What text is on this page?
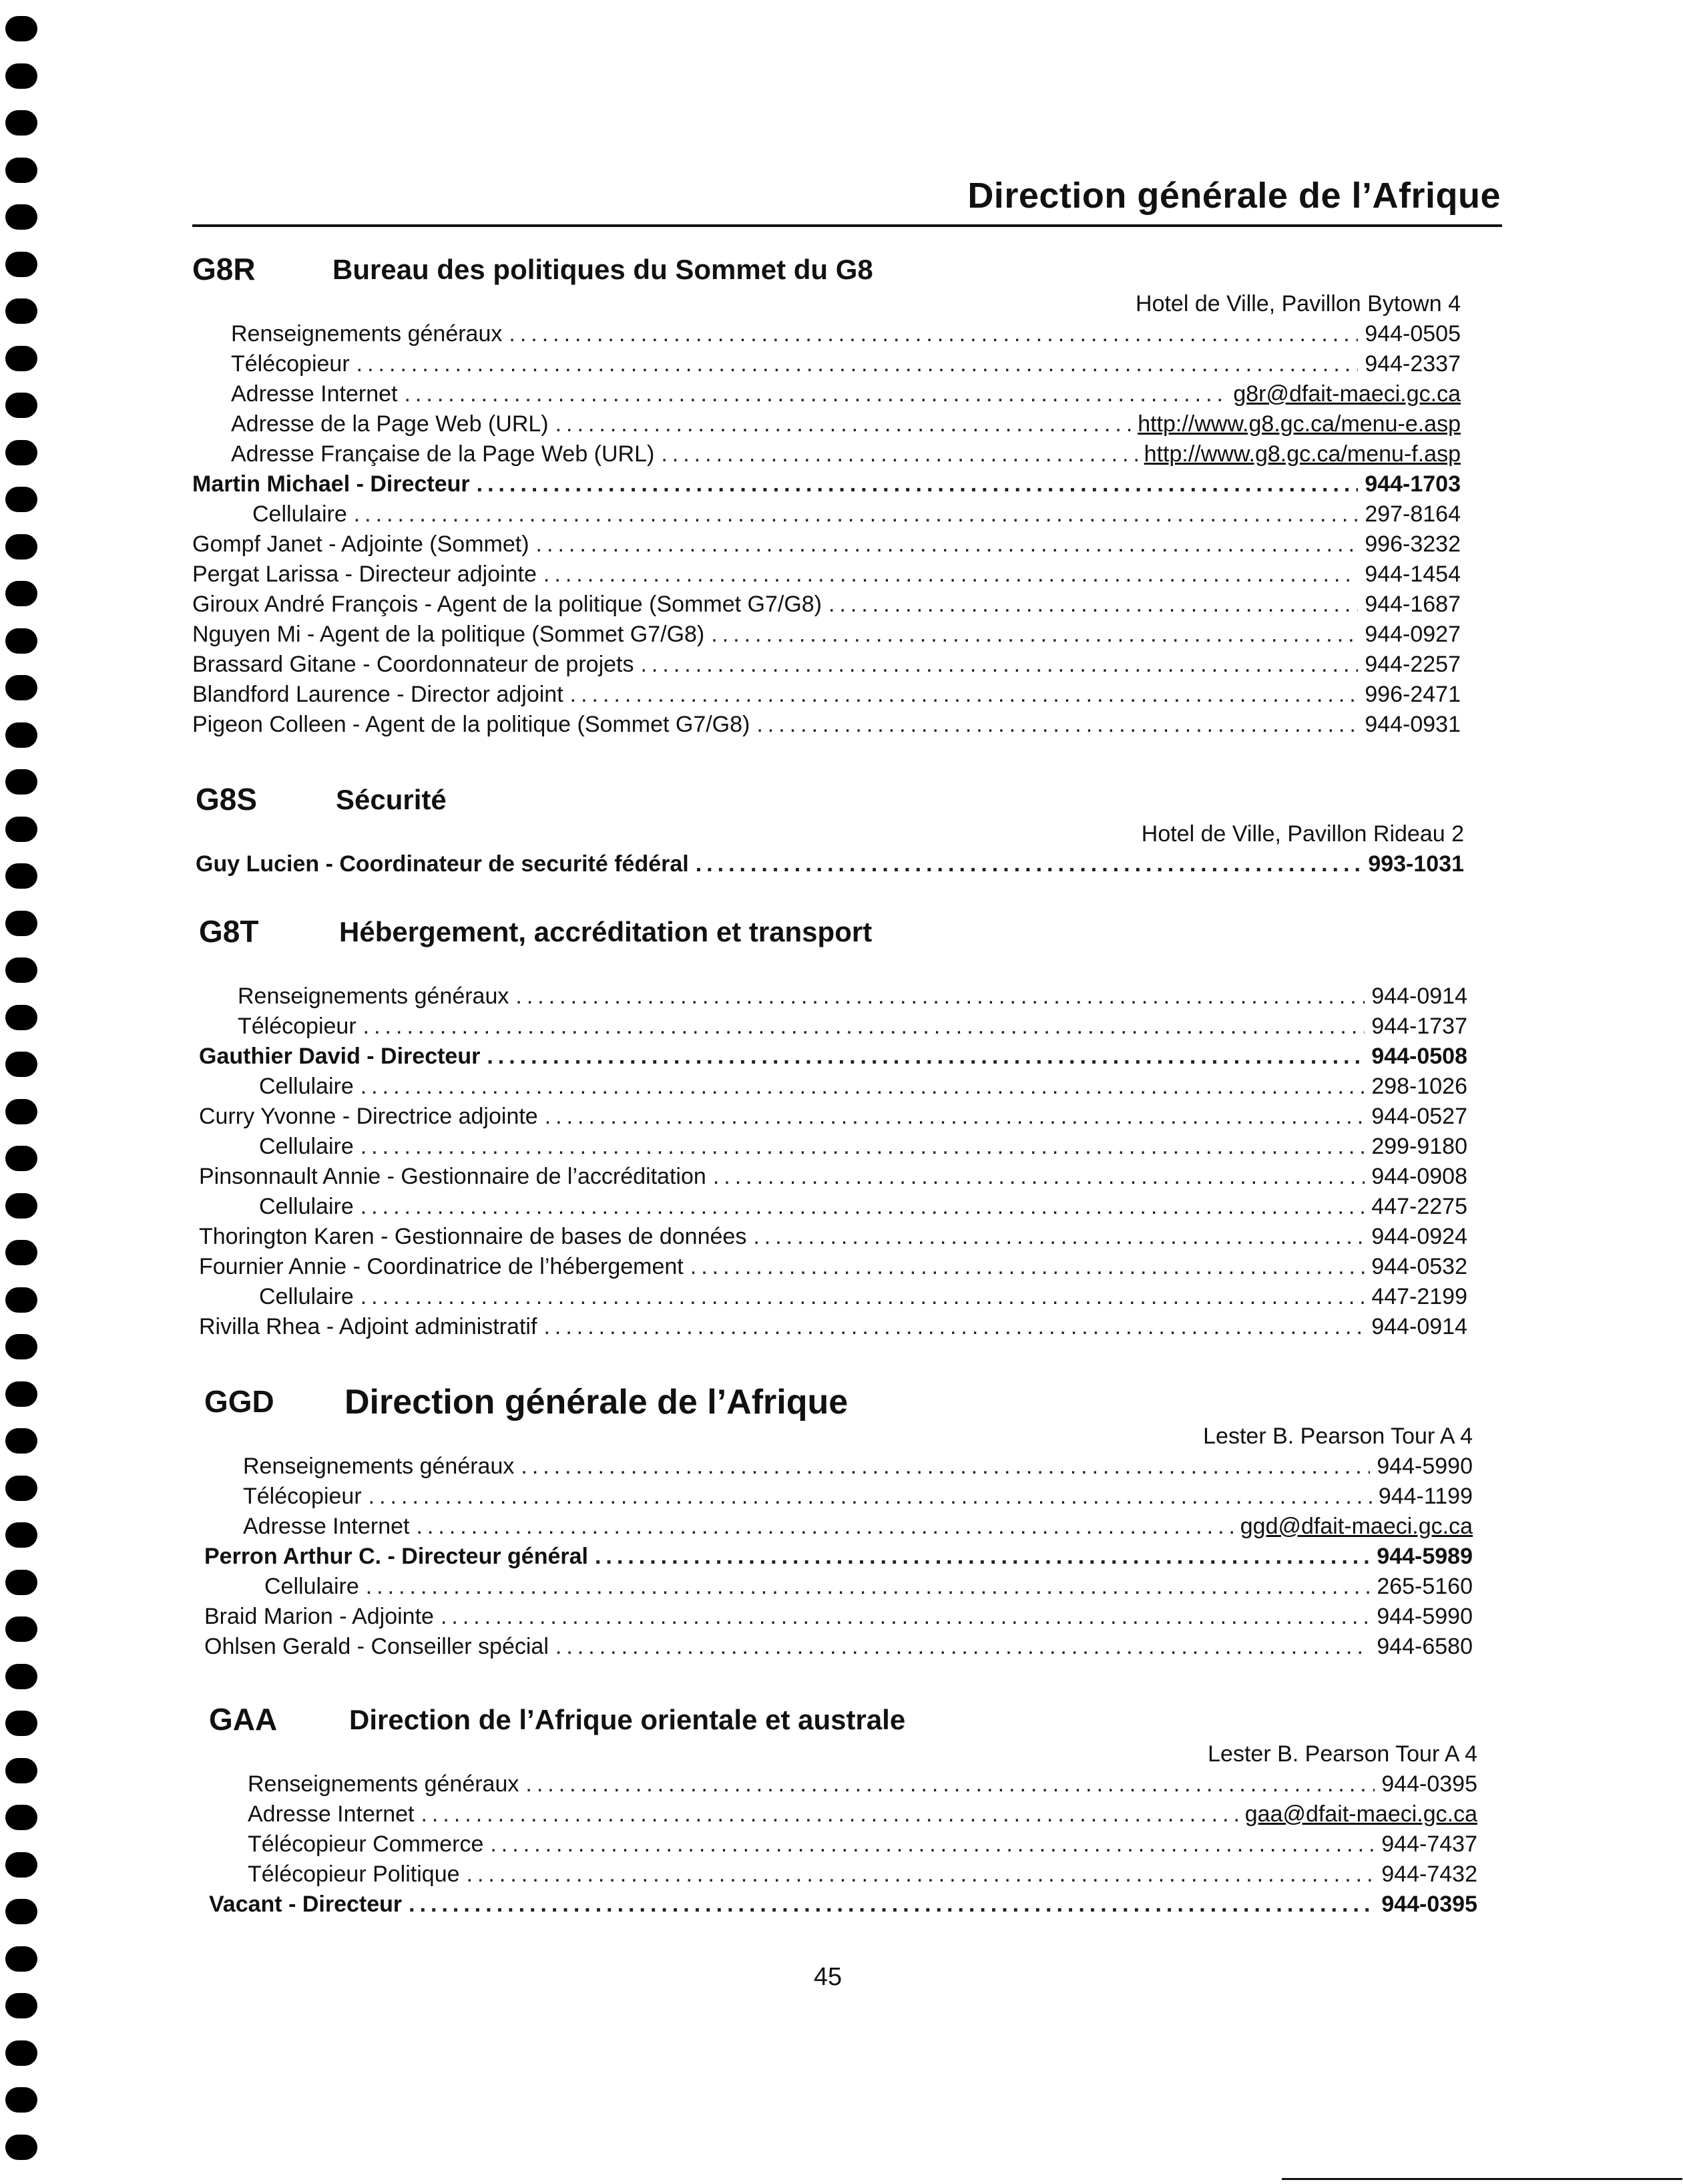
Direction générale de l’Afrique
G8R	Bureau des politiques du Sommet du G8
Hotel de Ville, Pavillon Bytown 4
Renseignements généraux .....	944-0505
Télécopieur .....	944-2337
Adresse Internet .....	g8r@dfait-maeci.gc.ca
Adresse de la Page Web (URL) .....	http://www.g8.gc.ca/menu-e.asp
Adresse Française de la Page Web (URL) .....	http://www.g8.gc.ca/menu-f.asp
Martin Michael - Directeur .....	944-1703
Cellulaire .....	297-8164
Gompf Janet - Adjointe (Sommet) .....	996-3232
Pergat Larissa - Directeur adjointe .....	944-1454
Giroux André François - Agent de la politique (Sommet G7/G8) .....	944-1687
Nguyen Mi - Agent de la politique (Sommet G7/G8) .....	944-0927
Brassard Gitane - Coordonnateur de projets .....	944-2257
Blandford Laurence - Director adjoint .....	996-2471
Pigeon Colleen - Agent de la politique (Sommet G7/G8) .....	944-0931
G8S	Sécurité
Hotel de Ville, Pavillon Rideau 2
Guy Lucien - Coordinateur de securité fédéral .....	993-1031
G8T	Hébergement, accréditation et transport
Renseignements généraux .....	944-0914
Télécopieur .....	944-1737
Gauthier David - Directeur .....	944-0508
Cellulaire .....	298-1026
Curry Yvonne - Directrice adjointe .....	944-0527
Cellulaire .....	299-9180
Pinsonnault Annie - Gestionnaire de l’accréditation .....	944-0908
Cellulaire .....	447-2275
Thorington Karen - Gestionnaire de bases de données .....	944-0924
Fournier Annie - Coordinatrice de l’hébergement .....	944-0532
Cellulaire .....	447-2199
Rivilla Rhea - Adjoint administratif .....	944-0914
GGD Direction générale de l’Afrique
Lester B. Pearson Tour A 4
Renseignements généraux .....	944-5990
Télécopieur .....	944-1199
Adresse Internet .....	ggd@dfait-maeci.gc.ca
Perron Arthur C. - Directeur général .....	944-5989
Cellulaire .....	265-5160
Braid Marion - Adjointe .....	944-5990
Ohlsen Gerald - Conseiller spécial .....	944-6580
GAA	Direction de l’Afrique orientale et australe
Lester B. Pearson Tour A 4
Renseignements généraux .....	944-0395
Adresse Internet .....	gaa@dfait-maeci.gc.ca
Télécopieur Commerce .....	944-7437
Télécopieur Politique .....	944-7432
Vacant - Directeur .....	944-0395
45
